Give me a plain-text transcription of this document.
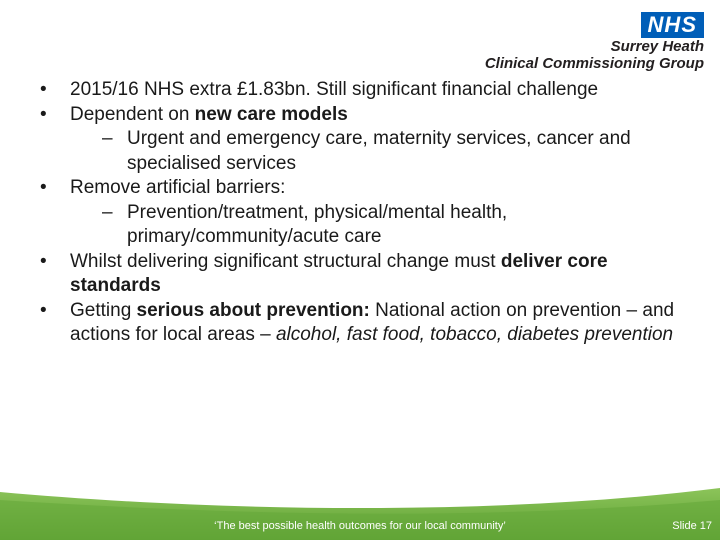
NHS
Surrey Heath
Clinical Commissioning Group

• 2015/16 NHS extra £1.83bn. Still significant financial challenge

• Dependent on new care models

– Urgent and emergency care, maternity services, cancer and specialised services

• Remove artificial barriers:

– Prevention/treatment, physical/mental health, primary/community/acute care

• Whilst delivering significant structural change must deliver core standards

• Getting serious about prevention: National action on prevention – and actions for local areas – alcohol, fast food, tobacco, diabetes prevention

‘The best possible health outcomes for our local community’	Slide 17
